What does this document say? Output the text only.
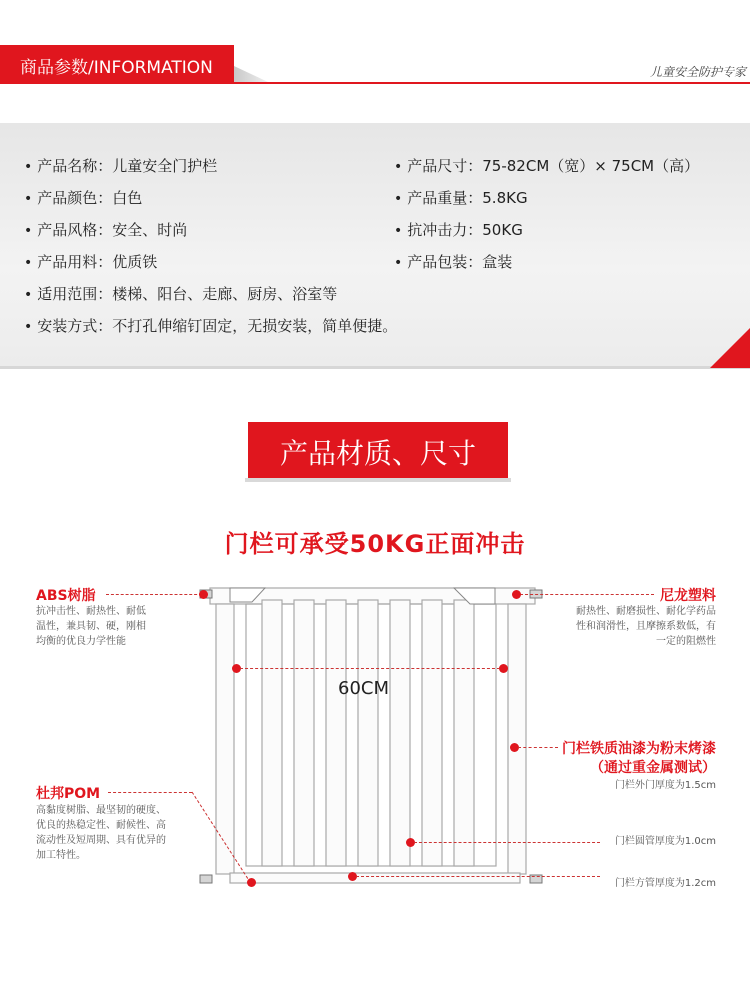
商品参数/INFORMATION	儿童安全防护专家
• 产品名称：儿童安全门护栏
• 产品颜色：白色
• 产品风格：安全、时尚
• 产品用料：优质铁
• 产品尺寸：75-82CM（宽）× 75CM（高）
• 产品重量：5.8KG
• 抗冲击力：50KG
• 产品包装：盒装
• 适用范围：楼梯、阳台、走廊、厨房、浴室等
• 安装方式：不打孔伸缩钉固定，无损安装，简单便捷。
产品材质、尺寸
门栏可承受50KG正面冲击
ABS树脂
抗冲击性、耐热性、耐低
温性，兼具韧、硬，刚相
均衡的优良力学性能
尼龙塑料
耐热性、耐磨损性、耐化学药品
性和润滑性，且摩擦系数低，有
一定的阻燃性
60CM
门栏铁质油漆为粉末烤漆
（通过重金属测试）
门栏外门厚度为1.5cm
门栏圆管厚度为1.0cm
门栏方管厚度为1.2cm
杜邦POM
高黏度树脂、最坚韧的硬度、
优良的热稳定性、耐候性、高
流动性及短周期、具有优异的
加工特性。
